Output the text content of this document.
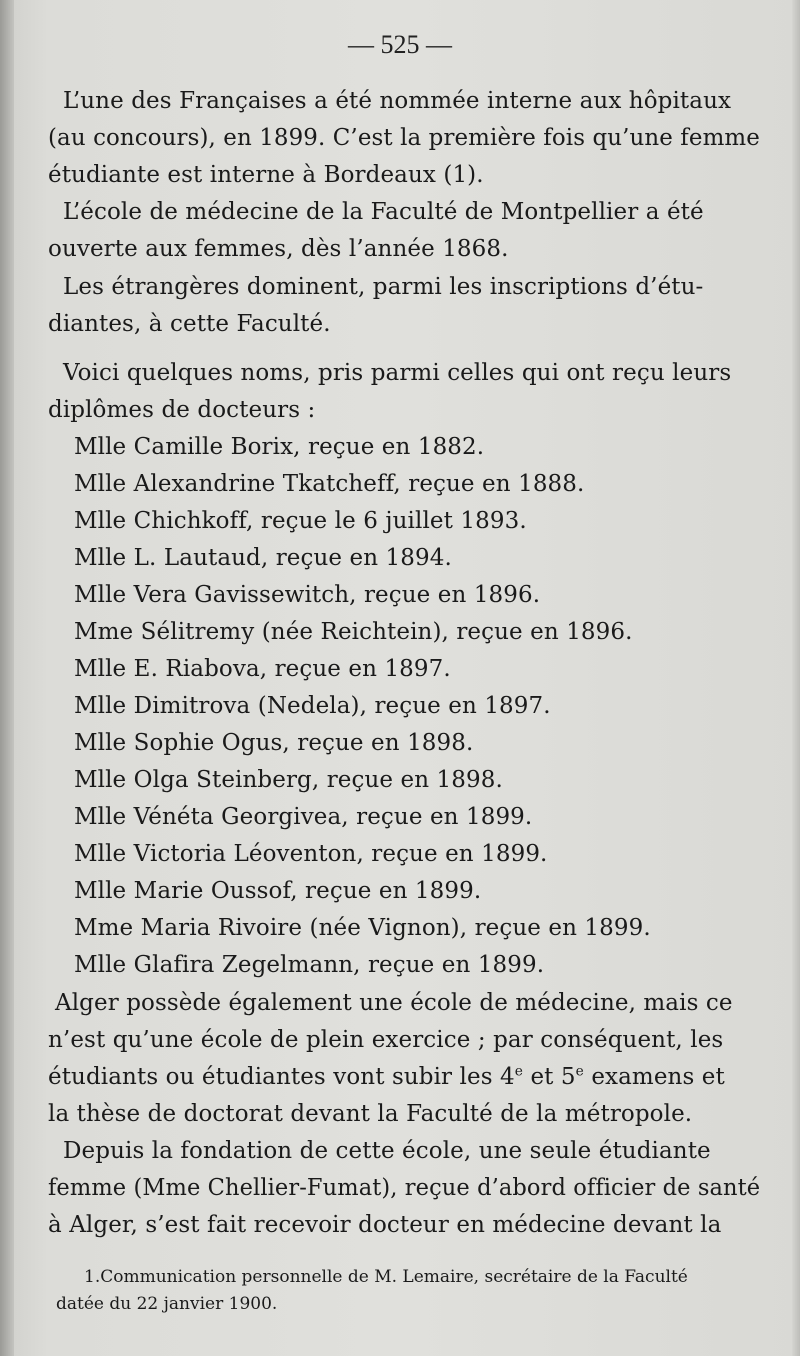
— 525 —
L’une des Françaises a été nommée interne aux hôpitaux
(au concours), en 1899. C’est la première fois qu’une femme
étudiante est interne à Bordeaux (1).
L’école de médecine de la Faculté de Montpellier a été
ouverte aux femmes, dès l’année 1868.
Les étrangères dominent, parmi les inscriptions d’étu-
diantes, à cette Faculté.
Voici quelques noms, pris parmi celles qui ont reçu leurs
diplômes de docteurs :
Mlle Camille Borix, reçue en 1882.
Mlle Alexandrine Tkatcheff, reçue en 1888.
Mlle Chichkoff, reçue le 6 juillet 1893.
Mlle L. Lautaud, reçue en 1894.
Mlle Vera Gavissewitch, reçue en 1896.
Mme Sélitremy (née Reichtein), reçue en 1896.
Mlle E. Riabova, reçue en 1897.
Mlle Dimitrova (Nedela), reçue en 1897.
Mlle Sophie Ogus, reçue en 1898.
Mlle Olga Steinberg, reçue en 1898.
Mlle Vénéta Georgivea, reçue en 1899.
Mlle Victoria Léoventon, reçue en 1899.
Mlle Marie Oussof, reçue en 1899.
Mme Maria Rivoire (née Vignon), reçue en 1899.
Mlle Glafira Zegelmann, reçue en 1899.
Alger possède également une école de médecine, mais ce
n’est qu’une école de plein exercice ; par conséquent, les
étudiants ou étudiantes vont subir les 4e et 5e examens et
la thèse de doctorat devant la Faculté de la métropole.
Depuis la fondation de cette école, une seule étudiante
femme (Mme Chellier-Fumat), reçue d’abord officier de santé
à Alger, s’est fait recevoir docteur en médecine devant la
1.Communication personnelle de M. Lemaire, secrétaire de la Faculté
datée du 22 janvier 1900.
